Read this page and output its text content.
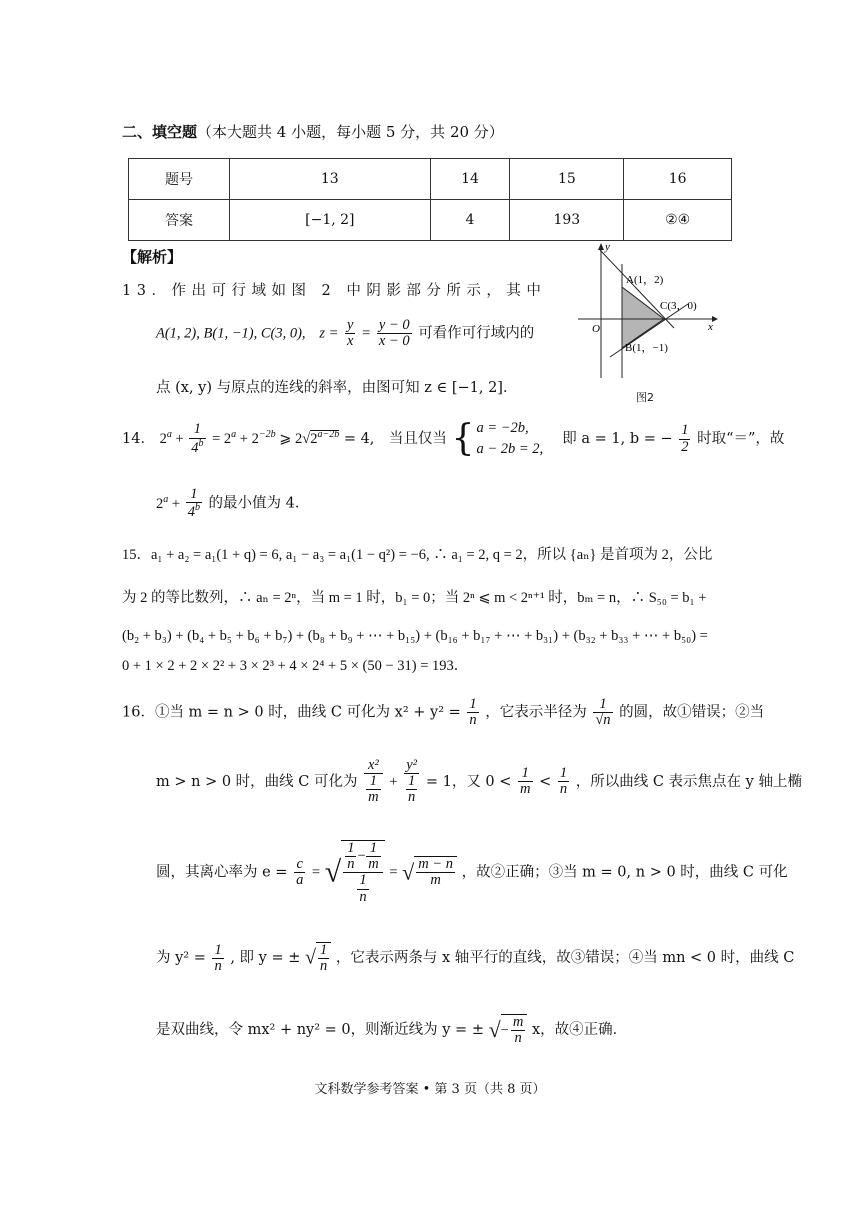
二、填空题（本大题共 4 小题，每小题 5 分，共 20 分）
题号	13	14	15	16
答案	[−1, 2]	4	193	②④
【解析】
y
x
O
A(1，2)
C(3，0)
B(1，−1)
图2
13．作出可行域如图 2 中阴影部分所示，其中
A(1, 2), B(1, −1), C(3, 0), $z = \frac{y}{x} = \frac{y - 0}{x - 0}$ 可看作可行域内的
点 (x, y) 与原点的连线的斜率，由图可知 z ∈ [−1, 2]．
14． $2^a + \frac{1}{4^b} = 2^a + 2^{-2b}$ ⩾ $2√2^{a-2b} = 4$,　当且仅当 { a = −2b,
a − 2b = 2,
　即 a = 1, b = − $\frac{1}{2}$ 时取“＝”，故
$2^a + \frac{1}{4^b}$ 的最小值为 4．
15．a₁ + a₂ = a₁(1 + q) = 6, a₁ − a₃ = a₁(1 − q²) = −6, ∴ a₁ = 2, q = 2，所以 {aₙ} 是首项为 2，公比
为 2 的等比数列，∴ aₙ = 2ⁿ，当 m = 1 时，b₁ = 0；当 2ⁿ ⩽ m < 2ⁿ⁺¹ 时，bₘ = n，∴ S₅₀ = b₁ +
(b₂ + b₃) + (b₄ + b₅ + b₆ + b₇) + (b₈ + b₉ + ⋯ + b₁₅) + (b₁₆ + b₁₇ + ⋯ + b₃₁) + (b₃₂ + b₃₃ + ⋯ + b₅₀) =
0 + 1 × 2 + 2 × 2² + 3 × 2³ + 4 × 2⁴ + 5 × (50 − 31) = 193．
16．①当 m = n > 0 时，曲线 C 可化为 $x^2 + y^2 = \frac{1}{n}$ ，它表示半径为 $\frac{1}{√n}$ 的圆，故①错误；②当
m > n > 0 时，曲线 C 可化为 $\frac{\text{x²}}{\frac{1}{m}} + \frac{\text{y²}}{\frac{1}{n}} = 1$，又 $0 < \frac{1}{m} < \frac{1}{n}$ ，所以曲线 C 表示焦点在 y 轴上椭
圆，其离心率为 $e = \frac{c}{a}$ = √ $\frac{\frac{1}{n} - \frac{1}{m}}{\frac{1}{n}}$ = √ $\frac{m - n}{m}$ ，故②正确；③当 m = 0, n > 0 时，曲线 C 可化
为 $y^2 = \frac{1}{n}$ , 即 y = ± √ $\frac{1}{n}$ ，它表示两条与 x 轴平行的直线，故③错误；④当 mn < 0 时，曲线 C
是双曲线，令 mx² + ny² = 0，则渐近线为 y = ± √− $\frac{m}{n}$ x，故④正确．
文科数学参考答案 • 第 3 页（共 8 页）
